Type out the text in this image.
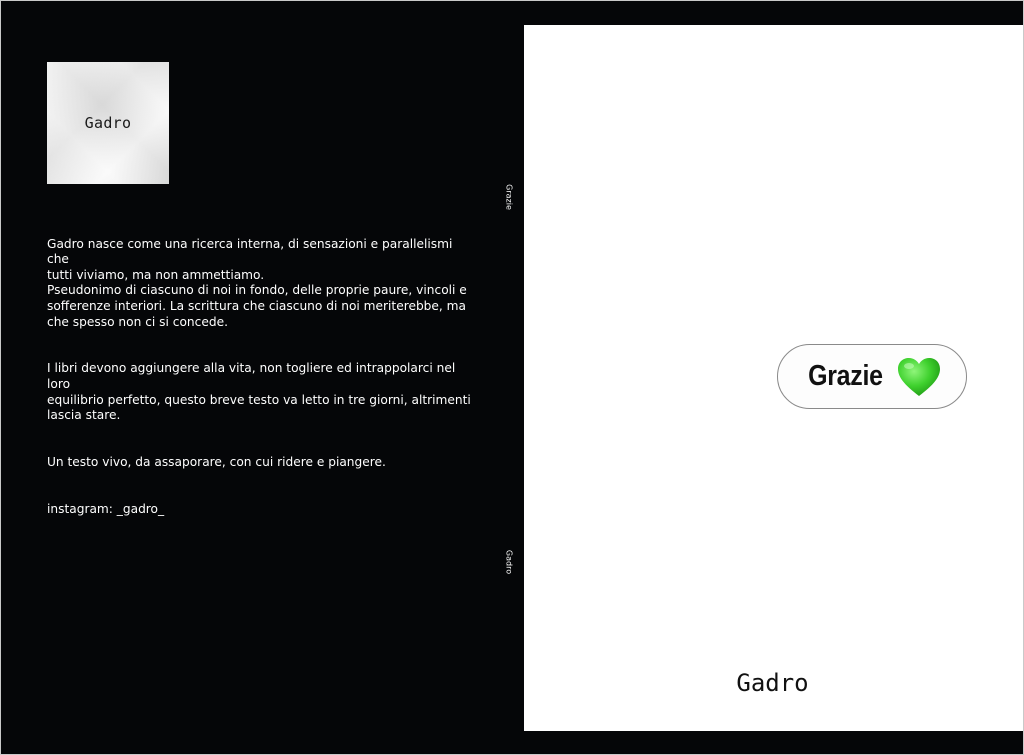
Gadro

Gadro nasce come una ricerca interna, di sensazioni e parallelismi che
tutti viviamo, ma non ammettiamo.
Pseudonimo di ciascuno di noi in fondo, delle proprie paure, vincoli e
sofferenze interiori. La scrittura che ciascuno di noi meriterebbe, ma
che spesso non ci si concede.

I libri devono aggiungere alla vita, non togliere ed intrappolarci nel loro
equilibrio perfetto, questo breve testo va letto in tre giorni, altrimenti
lascia stare.

Un testo vivo, da assaporare, con cui ridere e piangere.

instagram: _gadro_

Grazie
Gadro
Grazie
Gadro
